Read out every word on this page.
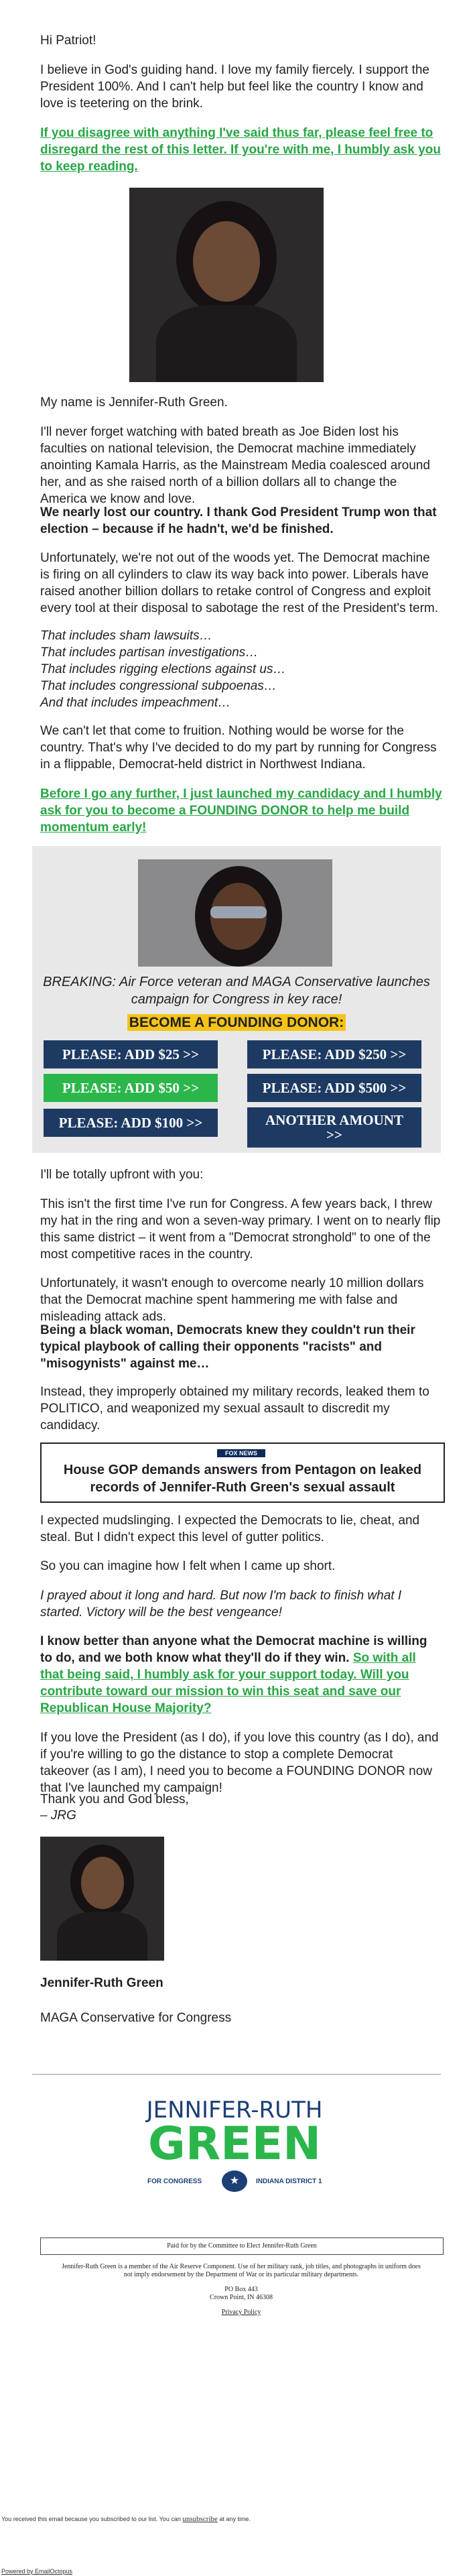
Hi Patriot!

I believe in God's guiding hand. I love my family fiercely. I support the President 100%. And I can't help but feel like the country I know and love is teetering on the brink.

If you disagree with anything I've said thus far, please feel free to disregard the rest of this letter. If you're with me, I humbly ask you to keep reading.

My name is Jennifer-Ruth Green.

I'll never forget watching with bated breath as Joe Biden lost his faculties on national television, the Democrat machine immediately anointing Kamala Harris, as the Mainstream Media coalesced around her, and as she raised north of a billion dollars all to change the America we know and love.

We nearly lost our country. I thank God President Trump won that election – because if he hadn't, we'd be finished.

Unfortunately, we're not out of the woods yet. The Democrat machine is firing on all cylinders to claw its way back into power. Liberals have raised another billion dollars to retake control of Congress and exploit every tool at their disposal to sabotage the rest of the President's term.

That includes sham lawsuits…

That includes partisan investigations…

That includes rigging elections against us…

That includes congressional subpoenas…

And that includes impeachment…

We can't let that come to fruition. Nothing would be worse for the country. That's why I've decided to do my part by running for Congress in a flippable, Democrat-held district in Northwest Indiana.

Before I go any further, I just launched my candidacy and I humbly ask for you to become a FOUNDING DONOR to help me build momentum early!

BREAKING: Air Force veteran and MAGA Conservative launches campaign for Congress in key race!

BECOME A FOUNDING DONOR:
PLEASE: ADD $25 >>	PLEASE: ADD $250 >>
PLEASE: ADD $50 >>	PLEASE: ADD $500 >>
PLEASE: ADD $100 >>	ANOTHER AMOUNT >>

I'll be totally upfront with you:

This isn't the first time I've run for Congress. A few years back, I threw my hat in the ring and won a seven-way primary. I went on to nearly flip this same district – it went from a "Democrat stronghold" to one of the most competitive races in the country.

Unfortunately, it wasn't enough to overcome nearly 10 million dollars that the Democrat machine spent hammering me with false and misleading attack ads.

Being a black woman, Democrats knew they couldn't run their typical playbook of calling their opponents "racists" and "misogynists" against me…

Instead, they improperly obtained my military records, leaked them to POLITICO, and weaponized my sexual assault to discredit my candidacy.

FOX NEWS
House GOP demands answers from Pentagon on leaked records of Jennifer-Ruth Green's sexual assault

I expected mudslinging. I expected the Democrats to lie, cheat, and steal. But I didn't expect this level of gutter politics.

So you can imagine how I felt when I came up short.

I prayed about it long and hard. But now I'm back to finish what I started. Victory will be the best vengeance!

I know better than anyone what the Democrat machine is willing to do, and we both know what they'll do if they win. So with all that being said, I humbly ask for your support today. Will you contribute toward our mission to win this seat and save our Republican House Majority?

If you love the President (as I do), if you love this country (as I do), and if you're willing to go the distance to stop a complete Democrat takeover (as I am), I need you to become a FOUNDING DONOR now that I've launched my campaign!

Thank you and God bless,

– JRG

Jennifer-Ruth Green

MAGA Conservative for Congress

JENNIFER-RUTH
GREEN
FOR CONGRESS	★	INDIANA DISTRICT 1
Paid for by the Committee to Elect Jennifer-Ruth Green
Jennifer-Ruth Green is a member of the Air Reserve Component. Use of her military rank, job titles, and photographs in uniform does not imply endorsement by the Department of War or its particular military departments.
PO Box 443
Crown Point, IN 46308
Privacy Policy
You received this email because you subscribed to our list. You can unsubscribe at any time.
Powered by EmailOctopus
